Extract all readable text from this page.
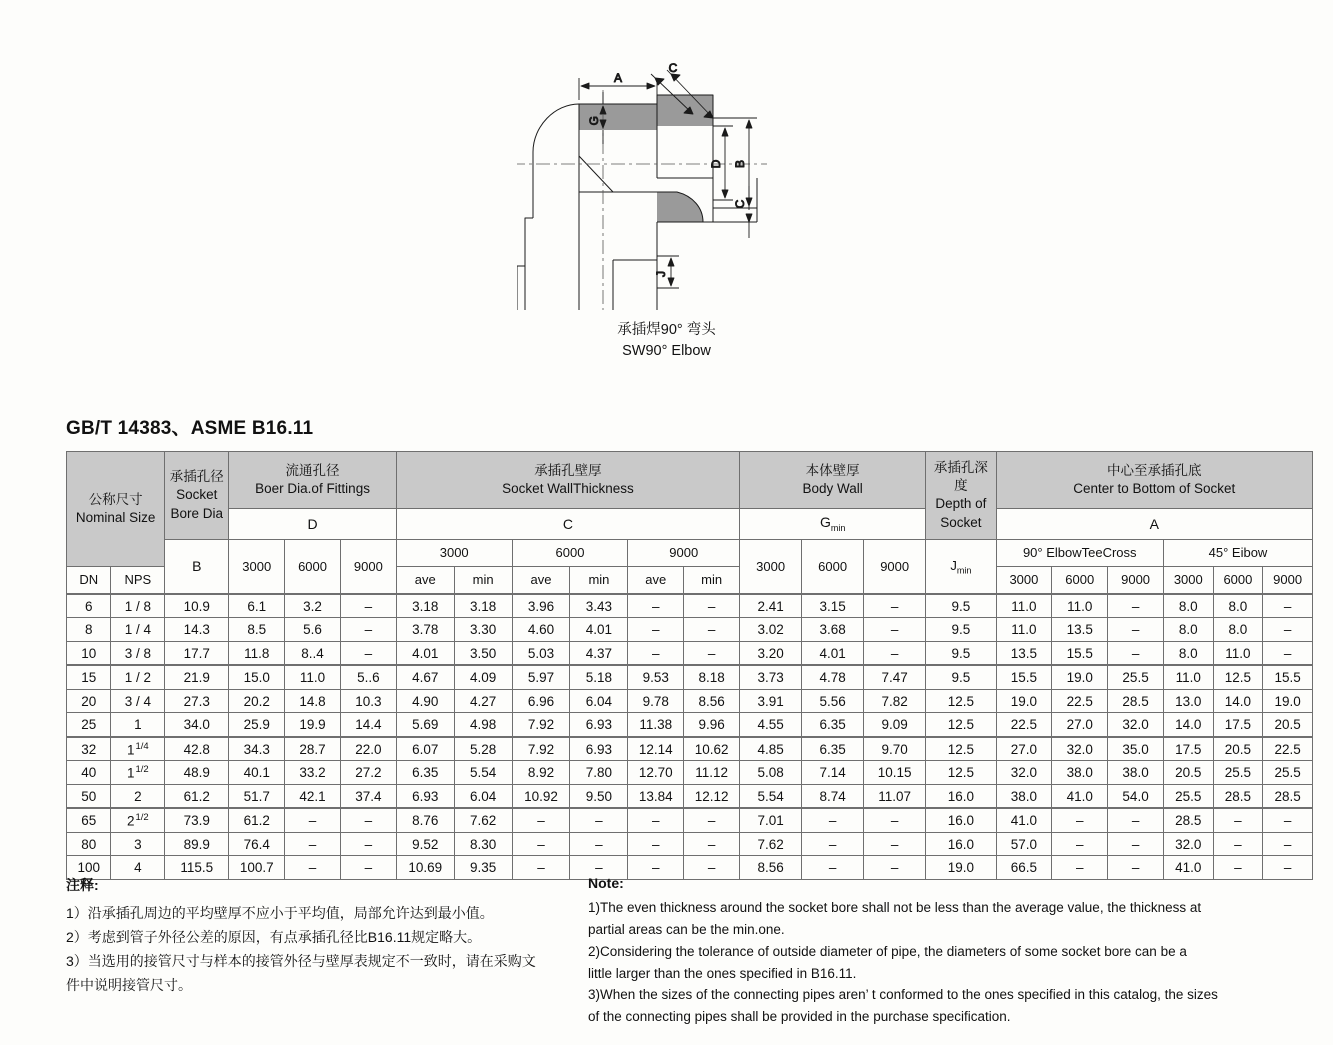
A
C
G
D B
C
J
承插焊90° 弯头
SW90° Elbow
GB/T 14383、ASME B16.11
公称尺寸
Nominal Size		承插孔径
Socket
Bore Dia	流通孔径
Boer Dia.of Fittings			承插孔壁厚
Socket WallThickness						本体壁厚
Body Wall			承插孔深度
Depth of
Socket	中心至承插孔底
Center to Bottom of Socket					

			D			C						$G_{min}$				A					
		B	3000	6000	9000	3000		6000		9000		3000	6000	9000	$J_{min}$	90° ElbowTeeCross			45° Eibow		
DN	NPS					ave	min	ave	min	ave	min					3000	6000	9000	3000	6000	9000
6	1 / 8	10.9	6.1	3.2	–	3.18	3.18	3.96	3.43	–	–	2.41	3.15	–	9.5	11.0	11.0	–	8.0	8.0	–
8	1 / 4	14.3	8.5	5.6	–	3.78	3.30	4.60	4.01	–	–	3.02	3.68	–	9.5	11.0	13.5	–	8.0	8.0	–
10	3 / 8	17.7	11.8	8..4	–	4.01	3.50	5.03	4.37	–	–	3.20	4.01	–	9.5	13.5	15.5	–	8.0	11.0	–
15	1 / 2	21.9	15.0	11.0	5..6	4.67	4.09	5.97	5.18	9.53	8.18	3.73	4.78	7.47	9.5	15.5	19.0	25.5	11.0	12.5	15.5
20	3 / 4	27.3	20.2	14.8	10.3	4.90	4.27	6.96	6.04	9.78	8.56	3.91	5.56	7.82	12.5	19.0	22.5	28.5	13.0	14.0	19.0
25	1	34.0	25.9	19.9	14.4	5.69	4.98	7.92	6.93	11.38	9.96	4.55	6.35	9.09	12.5	22.5	27.0	32.0	14.0	17.5	20.5
32	$1^{1/4}$	42.8	34.3	28.7	22.0	6.07	5.28	7.92	6.93	12.14	10.62	4.85	6.35	9.70	12.5	27.0	32.0	35.0	17.5	20.5	22.5
40	$1^{1/2}$	48.9	40.1	33.2	27.2	6.35	5.54	8.92	7.80	12.70	11.12	5.08	7.14	10.15	12.5	32.0	38.0	38.0	20.5	25.5	25.5
50	2	61.2	51.7	42.1	37.4	6.93	6.04	10.92	9.50	13.84	12.12	5.54	8.74	11.07	16.0	38.0	41.0	54.0	25.5	28.5	28.5
65	$2^{1/2}$	73.9	61.2	–	–	8.76	7.62	–	–	–	–	7.01	–	–	16.0	41.0	–	–	28.5	–	–
80	3	89.9	76.4	–	–	9.52	8.30	–	–	–	–	7.62	–	–	16.0	57.0	–	–	32.0	–	–
100	4	115.5	100.7	–	–	10.69	9.35	–	–	–	–	8.56	–	–	19.0	66.5	–	–	41.0	–	–
注释:
1）沿承插孔周边的平均壁厚不应小于平均值，局部允许达到最小值。
2）考虑到管子外径公差的原因，有点承插孔径比B16.11规定略大。
3）当选用的接管尺寸与样本的接管外径与壁厚表规定不一致时，请在采购文
件中说明接管尺寸。
Note:
1)The even thickness around the socket bore shall not be less than the average value, the thickness at
partial areas can be the min.one.
2)Considering the tolerance of outside diameter of pipe, the diameters of some socket bore can be a
little larger than the ones specified in B16.11.
3)When the sizes of the connecting pipes aren’ t conformed to the ones specified in this catalog, the sizes
of the connecting pipes shall be provided in the purchase specification.
